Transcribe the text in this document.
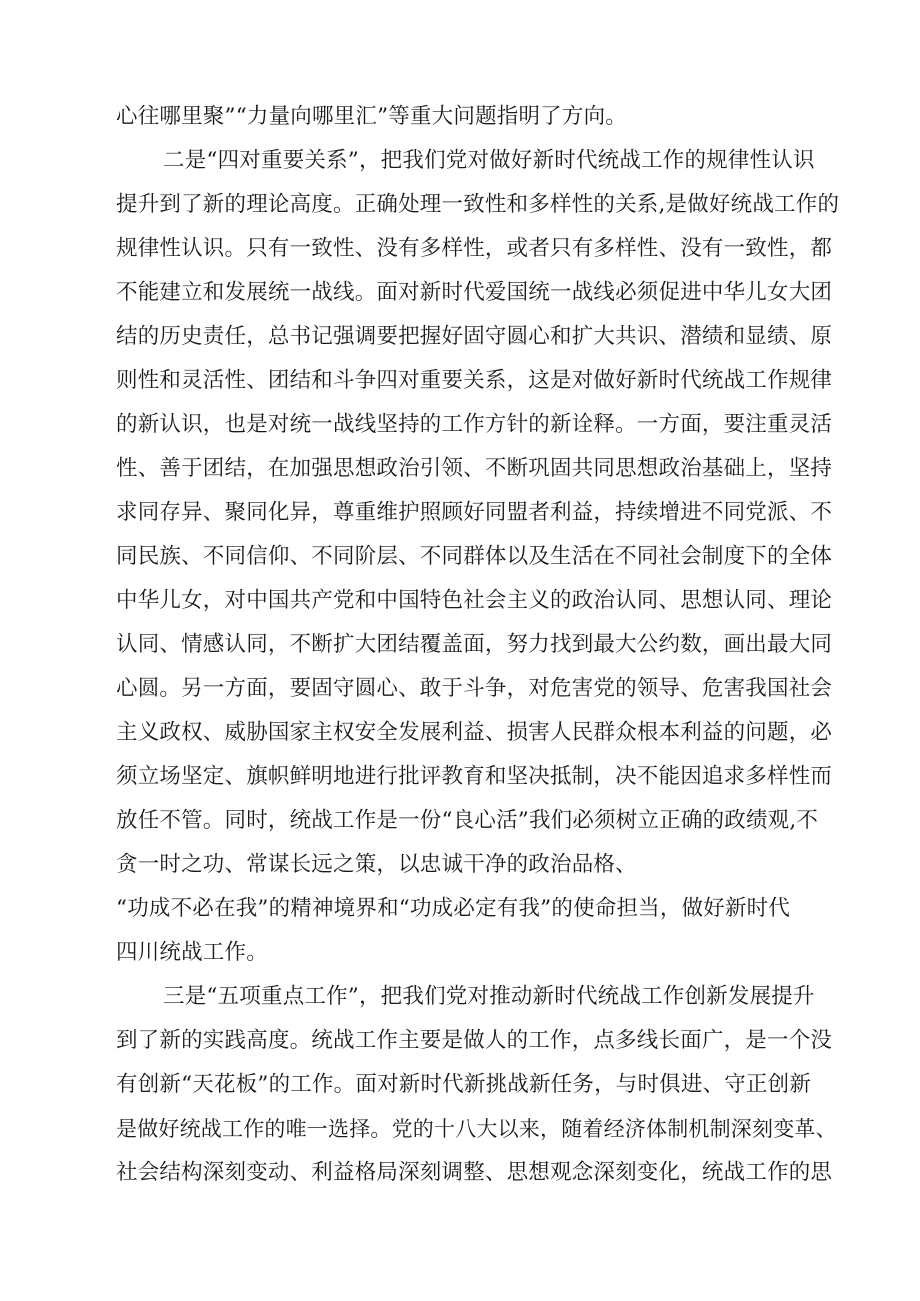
心往哪里聚”“力量向哪里汇”等重大问题指明了方向。

二是“四对重要关系”，把我们党对做好新时代统战工作的规律性认识

提升到了新的理论高度。正确处理一致性和多样性的关系,是做好统战工作的

规律性认识。只有一致性、没有多样性，或者只有多样性、没有一致性，都

不能建立和发展统一战线。面对新时代爱国统一战线必须促进中华儿女大团

结的历史责任，总书记强调要把握好固守圆心和扩大共识、潜绩和显绩、原

则性和灵活性、团结和斗争四对重要关系，这是对做好新时代统战工作规律

的新认识，也是对统一战线坚持的工作方针的新诠释。一方面，要注重灵活

性、善于团结，在加强思想政治引领、不断巩固共同思想政治基础上，坚持

求同存异、聚同化异，尊重维护照顾好同盟者利益，持续增进不同党派、不

同民族、不同信仰、不同阶层、不同群体以及生活在不同社会制度下的全体

中华儿女，对中国共产党和中国特色社会主义的政治认同、思想认同、理论

认同、情感认同，不断扩大团结覆盖面，努力找到最大公约数，画出最大同

心圆。另一方面，要固守圆心、敢于斗争，对危害党的领导、危害我国社会

主义政权、威胁国家主权安全发展利益、损害人民群众根本利益的问题，必

须立场坚定、旗帜鲜明地进行批评教育和坚决抵制，决不能因追求多样性而

放任不管。同时，统战工作是一份“良心活”我们必须树立正确的政绩观,不

贪一时之功、常谋长远之策，以忠诚干净的政治品格、

“功成不必在我”的精神境界和“功成必定有我”的使命担当，做好新时代

四川统战工作。

三是“五项重点工作”，把我们党对推动新时代统战工作创新发展提升

到了新的实践高度。统战工作主要是做人的工作，点多线长面广，是一个没

有创新“天花板”的工作。面对新时代新挑战新任务，与时俱进、守正创新

是做好统战工作的唯一选择。党的十八大以来，随着经济体制机制深刻变革、

社会结构深刻变动、利益格局深刻调整、思想观念深刻变化，统战工作的思
